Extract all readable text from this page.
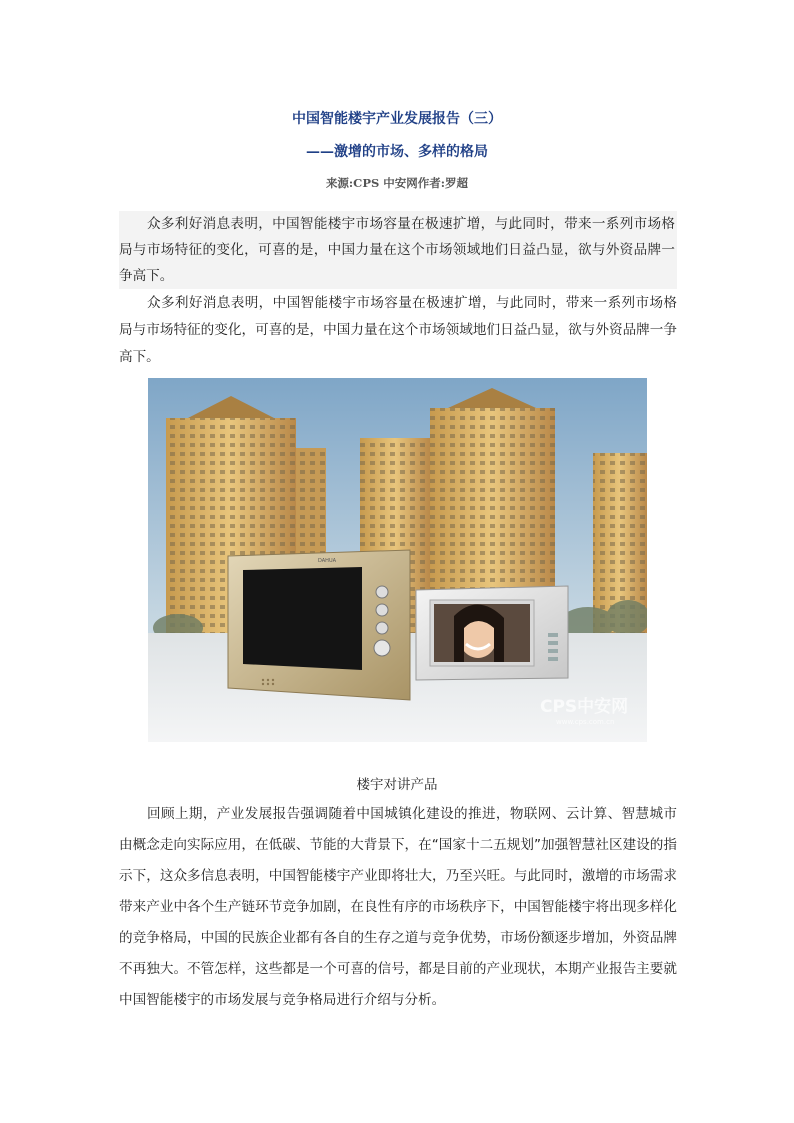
中国智能楼宇产业发展报告（三）
——激增的市场、多样的格局
来源:CPS 中安网作者:罗超
众多利好消息表明，中国智能楼宇市场容量在极速扩增，与此同时，带来一系列市场格局与市场特征的变化，可喜的是，中国力量在这个市场领域地们日益凸显，欲与外资品牌一争高下。
众多利好消息表明，中国智能楼宇市场容量在极速扩增，与此同时，带来一系列市场格局与市场特征的变化，可喜的是，中国力量在这个市场领域地们日益凸显，欲与外资品牌一争高下。
DAHUA
CPS中安网
www.cps.com.cn
楼宇对讲产品
回顾上期，产业发展报告强调随着中国城镇化建设的推进，物联网、云计算、智慧城市由概念走向实际应用，在低碳、节能的大背景下，在“国家十二五规划”加强智慧社区建设的指示下，这众多信息表明，中国智能楼宇产业即将壮大，乃至兴旺。与此同时，激增的市场需求带来产业中各个生产链环节竞争加剧，在良性有序的市场秩序下，中国智能楼宇将出现多样化的竞争格局，中国的民族企业都有各自的生存之道与竞争优势，市场份额逐步增加，外资品牌不再独大。不管怎样，这些都是一个可喜的信号，都是目前的产业现状，本期产业报告主要就中国智能楼宇的市场发展与竞争格局进行介绍与分析。
